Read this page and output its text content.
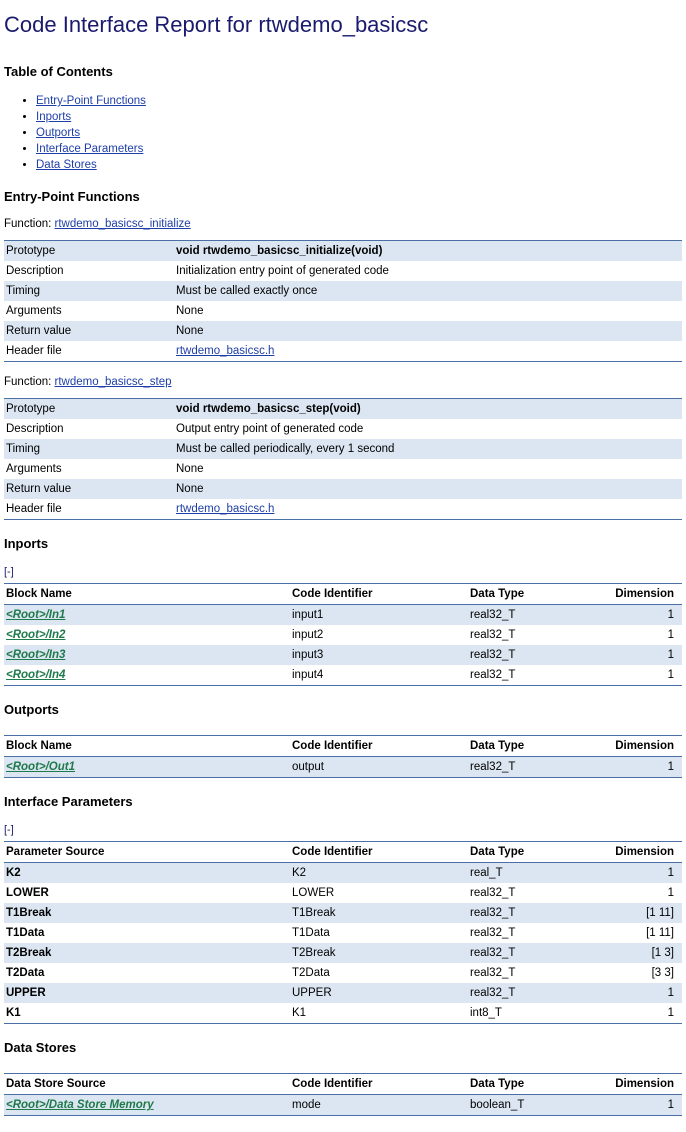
Code Interface Report for rtwdemo_basicsc
Table of Contents
• Entry-Point Functions
• Inports
• Outports
• Interface Parameters
• Data Stores
Entry-Point Functions
Function: rtwdemo_basicsc_initialize
Prototype	void rtwdemo_basicsc_initialize(void)
Description	Initialization entry point of generated code
Timing	Must be called exactly once
Arguments	None
Return value	None
Header file	rtwdemo_basicsc.h
Function: rtwdemo_basicsc_step
Prototype	void rtwdemo_basicsc_step(void)
Description	Output entry point of generated code
Timing	Must be called periodically, every 1 second
Arguments	None
Return value	None
Header file	rtwdemo_basicsc.h
Inports
[-]
Block Name	Code Identifier	Data Type	Dimension
<Root>/In1	input1	real32_T	1
<Root>/In2	input2	real32_T	1
<Root>/In3	input3	real32_T	1
<Root>/In4	input4	real32_T	1
Outports
Block Name	Code Identifier	Data Type	Dimension
<Root>/Out1	output	real32_T	1
Interface Parameters
[-]
Parameter Source	Code Identifier	Data Type	Dimension
K2	K2	real_T	1
LOWER	LOWER	real32_T	1
T1Break	T1Break	real32_T	[1 11]
T1Data	T1Data	real32_T	[1 11]
T2Break	T2Break	real32_T	[1 3]
T2Data	T2Data	real32_T	[3 3]
UPPER	UPPER	real32_T	1
K1	K1	int8_T	1
Data Stores
Data Store Source	Code Identifier	Data Type	Dimension
<Root>/Data Store Memory	mode	boolean_T	1
